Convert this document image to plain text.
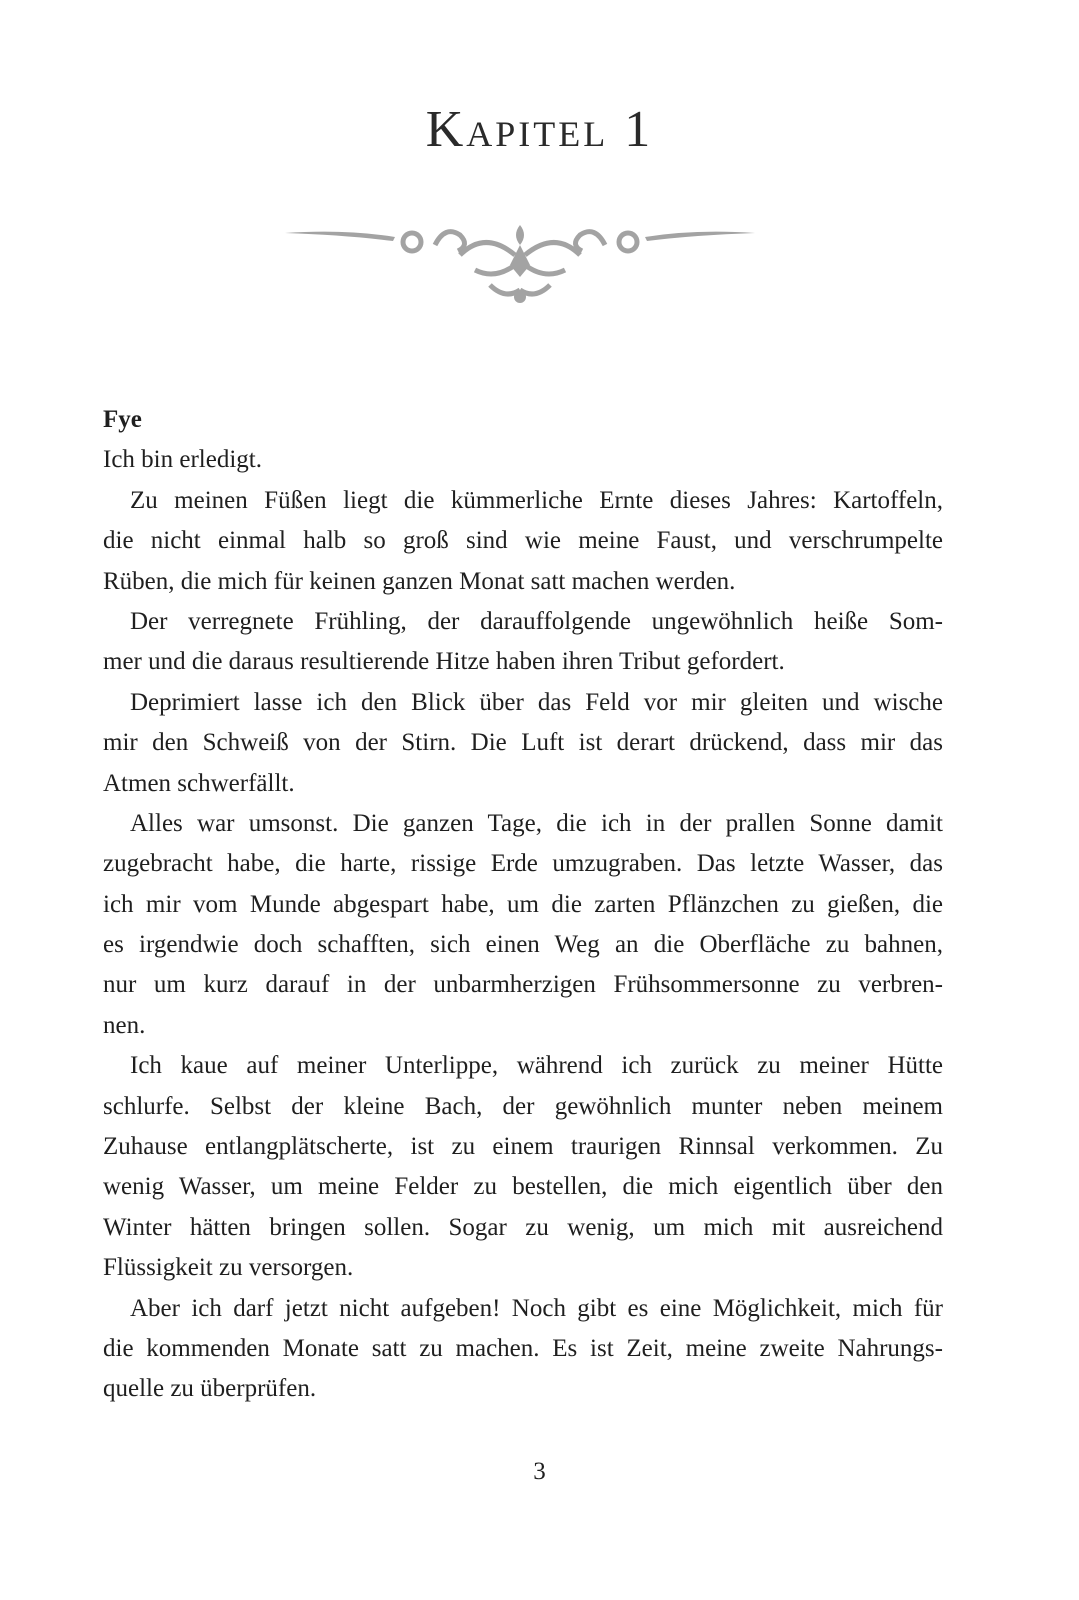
Kapitel 1
Fye
Ich bin erledigt.
Zu meinen Füßen liegt die kümmerliche Ernte dieses Jahres: Kartoffeln,
die nicht einmal halb so groß sind wie meine Faust, und verschrumpelte
Rüben, die mich für keinen ganzen Monat satt machen werden.
Der verregnete Frühling, der darauffolgende ungewöhnlich heiße Som-
mer und die daraus resultierende Hitze haben ihren Tribut gefordert.
Deprimiert lasse ich den Blick über das Feld vor mir gleiten und wische
mir den Schweiß von der Stirn. Die Luft ist derart drückend, dass mir das
Atmen schwerfällt.
Alles war umsonst. Die ganzen Tage, die ich in der prallen Sonne damit
zugebracht habe, die harte, rissige Erde umzugraben. Das letzte Wasser, das
ich mir vom Munde abgespart habe, um die zarten Pflänzchen zu gießen, die
es irgendwie doch schafften, sich einen Weg an die Oberfläche zu bahnen,
nur um kurz darauf in der unbarmherzigen Frühsommersonne zu verbren-
nen.
Ich kaue auf meiner Unterlippe, während ich zurück zu meiner Hütte
schlurfe. Selbst der kleine Bach, der gewöhnlich munter neben meinem
Zuhause entlangplätscherte, ist zu einem traurigen Rinnsal verkommen. Zu
wenig Wasser, um meine Felder zu bestellen, die mich eigentlich über den
Winter hätten bringen sollen. Sogar zu wenig, um mich mit ausreichend
Flüssigkeit zu versorgen.
Aber ich darf jetzt nicht aufgeben! Noch gibt es eine Möglichkeit, mich für
die kommenden Monate satt zu machen. Es ist Zeit, meine zweite Nahrungs-
quelle zu überprüfen.
3
